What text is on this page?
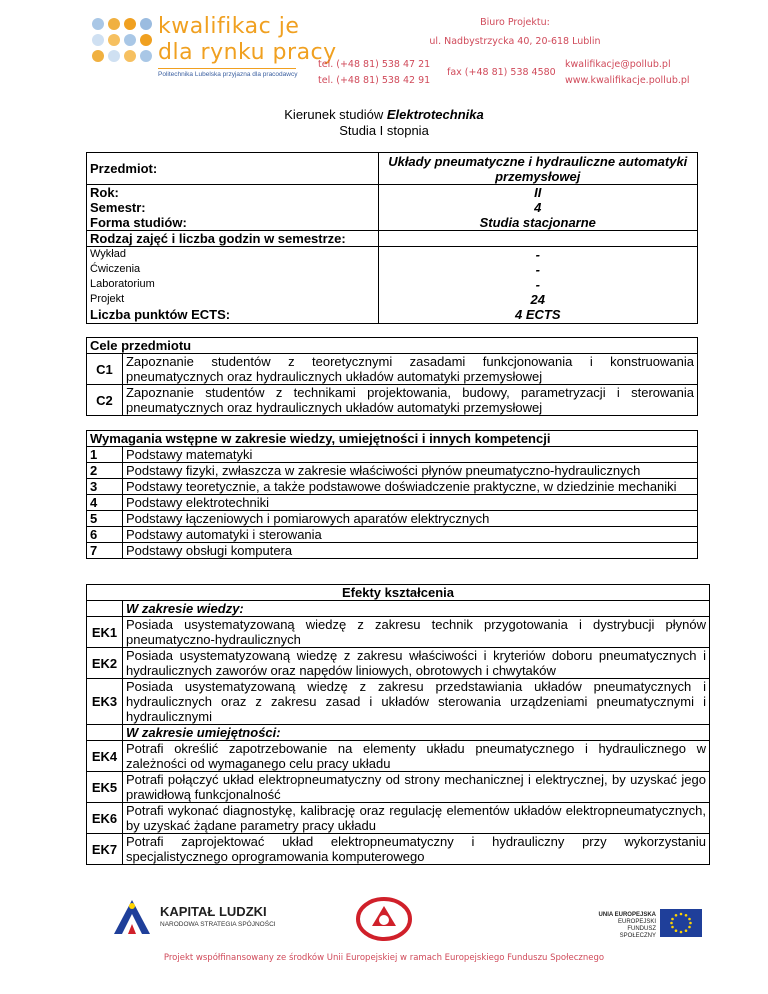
kwalifikac je
dla rynku pracy
Politechnika Lubelska przyjazna dla pracodawcy
Biuro Projektu:
ul. Nadbystrzycka 40, 20-618 Lublin
tel. (+48 81) 538 47 21
tel. (+48 81) 538 42 91
fax (+48 81) 538 4580
kwalifikacje@pollub.pl
www.kwalifikacje.pollub.pl
Kierunek studiów Elektrotechnika
Studia I stopnia
Przedmiot:	Układy pneumatyczne i hydrauliczne automatyki przemysłowej
Rok:	II
Semestr:	4
Forma studiów:	Studia stacjonarne
Rodzaj zajęć i liczba godzin w semestrze:	
Wykład	-
Ćwiczenia	-
Laboratorium	-
Projekt	24
Liczba punktów ECTS:	4 ECTS
Cele przedmiotu	
C1	Zapoznanie studentów z teoretycznymi zasadami funkcjonowania i konstruowania pneumatycznych oraz hydraulicznych układów automatyki przemysłowej
C2	Zapoznanie studentów z technikami projektowania, budowy, parametryzacji i sterowania pneumatycznych oraz hydraulicznych układów automatyki przemysłowej
Wymagania wstępne w zakresie wiedzy, umiejętności i innych kompetencji	
1	Podstawy matematyki
2	Podstawy fizyki, zwłaszcza w zakresie właściwości płynów pneumatyczno-hydraulicznych
3	Podstawy teoretycznie, a także podstawowe doświadczenie praktyczne, w dziedzinie mechaniki
4	Podstawy elektrotechniki
5	Podstawy łączeniowych i pomiarowych aparatów elektrycznych
6	Podstawy automatyki i sterowania
7	Podstawy obsługi komputera
Efekty kształcenia	
	W zakresie wiedzy:
EK1	Posiada usystematyzowaną wiedzę z zakresu technik przygotowania i dystrybucji płynów pneumatyczno-hydraulicznych
EK2	Posiada usystematyzowaną wiedzę z zakresu właściwości i kryteriów doboru pneumatycznych i hydraulicznych zaworów oraz napędów liniowych, obrotowych i chwytaków
EK3	Posiada usystematyzowaną wiedzę z zakresu przedstawiania układów pneumatycznych i hydraulicznych oraz z zakresu zasad i układów sterowania urządzeniami pneumatycznymi i hydraulicznymi
	W zakresie umiejętności:
EK4	Potrafi określić zapotrzebowanie na elementy układu pneumatycznego i hydraulicznego w zależności od wymaganego celu pracy układu
EK5	Potrafi połączyć układ elektropneumatyczny od strony mechanicznej i elektrycznej, by uzyskać jego prawidłową funkcjonalność
EK6	Potrafi wykonać diagnostykę, kalibrację oraz regulację elementów układów elektropneumatycznych, by uzyskać żądane parametry pracy układu
EK7	Potrafi zaprojektować układ elektropneumatyczny i hydrauliczny przy wykorzystaniu specjalistycznego oprogramowania komputerowego
KAPITAŁ LUDZKI
NARODOWA STRATEGIA SPÓJNOŚCI
UNIA EUROPEJSKA
EUROPEJSKI
FUNDUSZ SPOŁECZNY
Projekt współfinansowany ze środków Unii Europejskiej w ramach Europejskiego Funduszu Społecznego
